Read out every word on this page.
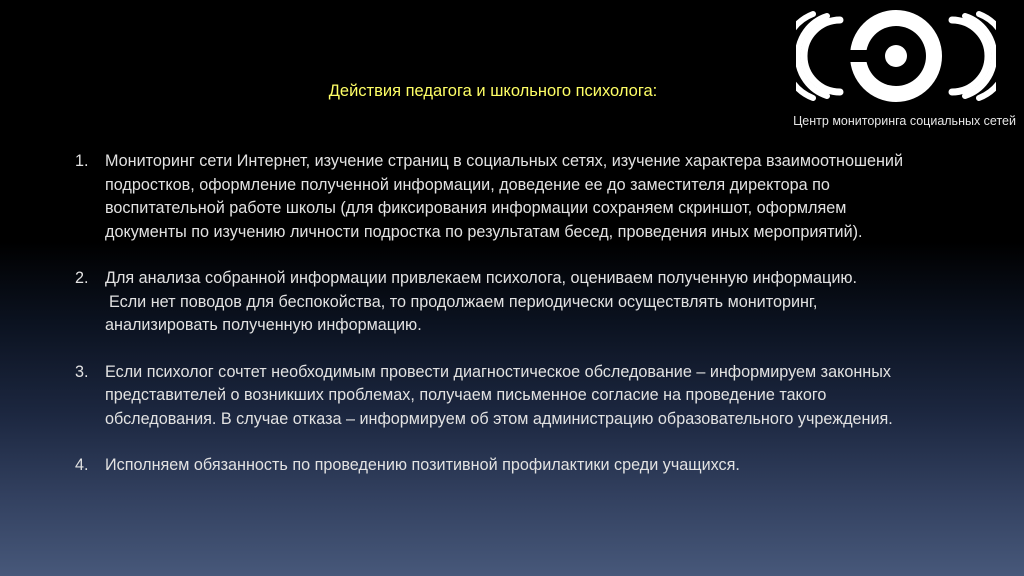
Центр мониторинга социальных сетей
Действия педагога и школьного психолога:
1. Мониторинг сети Интернет, изучение страниц в социальных сетях, изучение характера взаимоотношений подростков, оформление полученной информации, доведение ее до заместителя директора по воспитательной работе школы (для фиксирования информации сохраняем скриншот, оформляем документы по изучению личности подростка по результатам бесед, проведения иных мероприятий).
2. Для анализа собранной информации привлекаем психолога, оцениваем полученную информацию.
Если нет поводов для беспокойства, то продолжаем периодически осуществлять мониторинг, анализировать полученную информацию.
3. Если психолог сочтет необходимым провести диагностическое обследование – информируем законных представителей о возникших проблемах, получаем письменное согласие на проведение такого обследования. В случае отказа – информируем об этом администрацию образовательного учреждения.
4. Исполняем обязанность по проведению позитивной профилактики среди учащихся.
